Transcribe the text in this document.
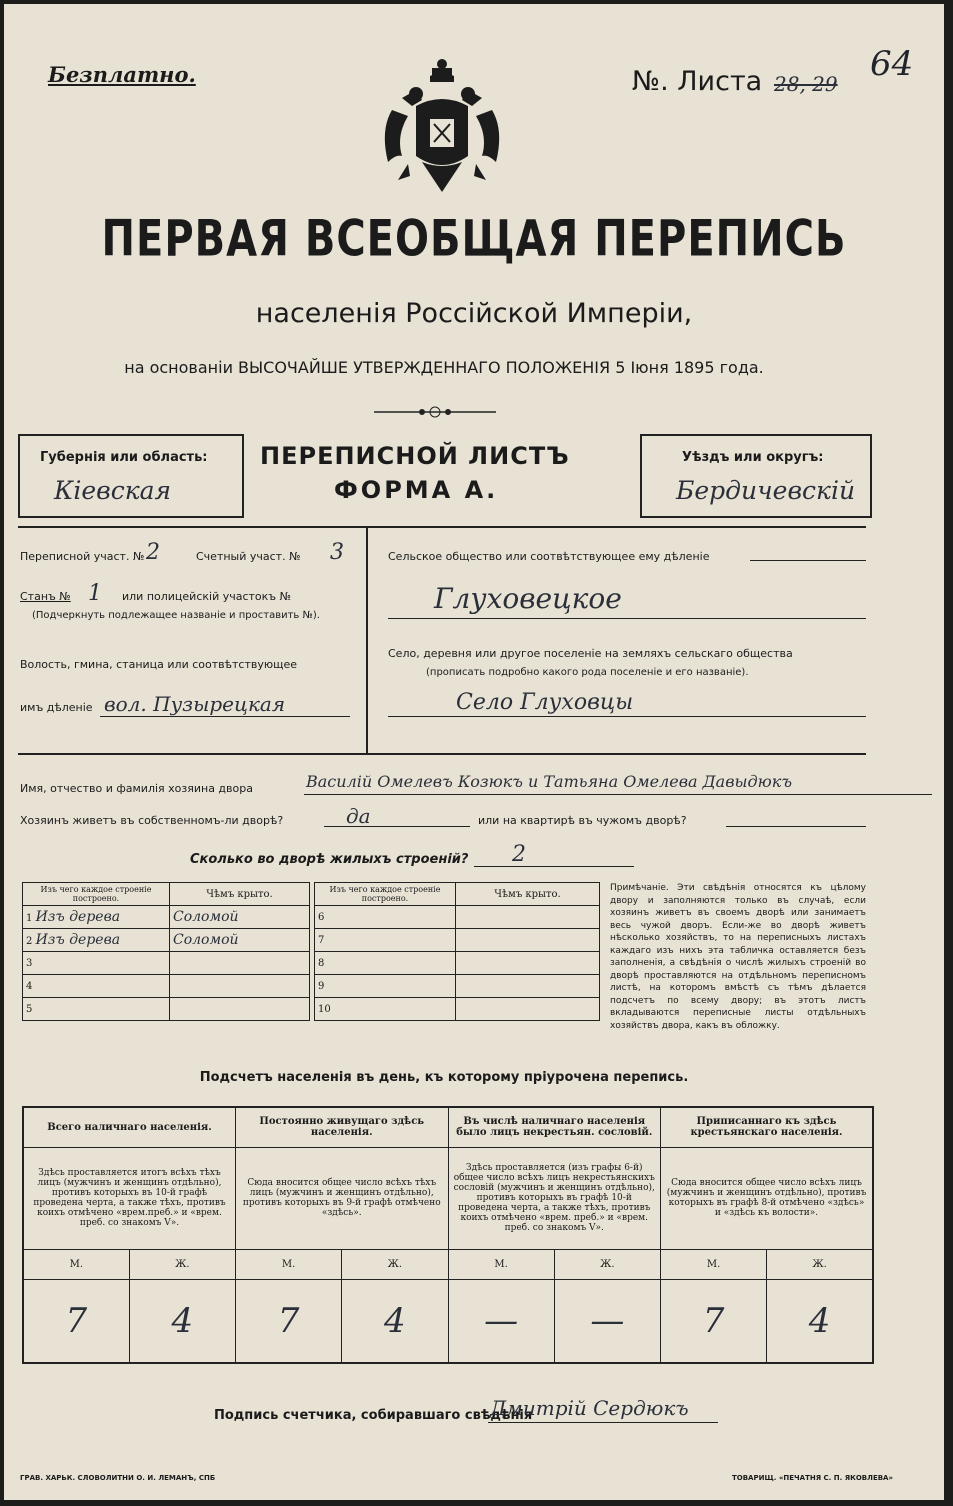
Безплатно.	№. Листа 28, 29 64
ПЕРВАЯ ВСЕОБЩАЯ ПЕРЕПИСЬ
населенія Россійской Имперіи,
на основаніи ВЫСОЧАЙШЕ УТВЕРЖДЕННАГО ПОЛОЖЕНІЯ 5 Іюня 1895 года.
Губернія или область:
Кіевская
ПЕРЕПИСНОЙ ЛИСТЪ
ФОРМА А.
Уѣздъ или округъ:
Бердичевскій
Переписной участ. № 2	Счетный участ. № 3
Станъ № 1 или полицейскій участокъ №
(Подчеркнуть подлежащее названіе и проставить №).
Волость, гмина, станица или соотвѣтствующее
имъ дѣленіе вол. Пузырецкая
Сельское общество или соотвѣтствующее ему дѣленіе
Глуховецкое
Село, деревня или другое поселеніе на земляхъ сельскаго общества
(прописать подробно какого рода поселеніе и его названіе).
Село Глуховцы
Имя, отчество и фамилія хозяина двора	Василій Омелевъ Козюкъ и Татьяна Омелева Давыдюкъ
Хозяинъ живетъ въ собственномъ-ли дворѣ?	да	или на квартирѣ въ чужомъ дворѣ?
Сколько во дворѣ жилыхъ строеній? 2
Изъ чего каждое строеніе построено.	Чѣмъ крыто.
1 Изъ дерева	Соломой
2 Изъ дерева	Соломой
3	
4	
5	
Изъ чего каждое строеніе построено.	Чѣмъ крыто.
6	
7	
8	
9	
10	
Примѣчаніе. Эти свѣдѣнія относятся къ цѣлому двору и заполняются только въ случаѣ, если хозяинъ живетъ въ своемъ дворѣ или занимаетъ весь чужой дворъ. Если-же во дворѣ живетъ нѣсколько хозяйствъ, то на переписныхъ листахъ каждаго изъ нихъ эта табличка оставляется безъ заполненія, а свѣдѣнія о числѣ жилыхъ строеній во дворѣ проставляются на отдѣльномъ переписномъ листѣ, на которомъ вмѣстѣ съ тѣмъ дѣлается подсчетъ по всему двору; въ этотъ листъ вкладываются переписные листы отдѣльныхъ хозяйствъ двора, какъ въ обложку.
Подсчетъ населенія въ день, къ которому пріурочена перепись.
Всего наличнаго населенія.		Постоянно живущаго здѣсь населенія.		Въ числѣ наличнаго населенія было лицъ некрестьян. сословій.		Приписаннаго къ здѣсь крестьянскаго населенія.	
Здѣсь проставляется итогъ всѣхъ тѣхъ лицъ (мужчинъ и женщинъ отдѣльно), противъ которыхъ въ 10-й графѣ проведена черта, а также тѣхъ, противъ коихъ отмѣчено «врем.преб.» и «врем. преб. со знакомъ V».		Сюда вносится общее число всѣхъ тѣхъ лицъ (мужчинъ и женщинъ отдѣльно), противъ которыхъ въ 9-й графѣ отмѣчено «здѣсь».		Здѣсь проставляется (изъ графы 6-й) общее число всѣхъ лицъ некрестьянскихъ сословій (мужчинъ и женщинъ отдѣльно), противъ которыхъ въ графѣ 10-й проведена черта, а также тѣхъ, противъ коихъ отмѣчено «врем. преб.» и «врем. преб. со знакомъ V».		Сюда вносится общее число всѣхъ лицъ (мужчинъ и женщинъ отдѣльно), противъ которыхъ въ графѣ 8-й отмѣчено «здѣсь» и «здѣсь къ волости».	
М.	Ж.	М.	Ж.	М.	Ж.	М.	Ж.
7	4	7	4	—	—	7	4
Подпись счетчика, собиравшаго свѣдѣнія
Дмитрій Сердюкъ
ГРАВ. ХАРЬК. СЛОВОЛИТНИ О. И. ЛЕМАНЪ, СПБ	ТОВАРИЩ. «ПЕЧАТНЯ С. П. ЯКОВЛЕВА»
